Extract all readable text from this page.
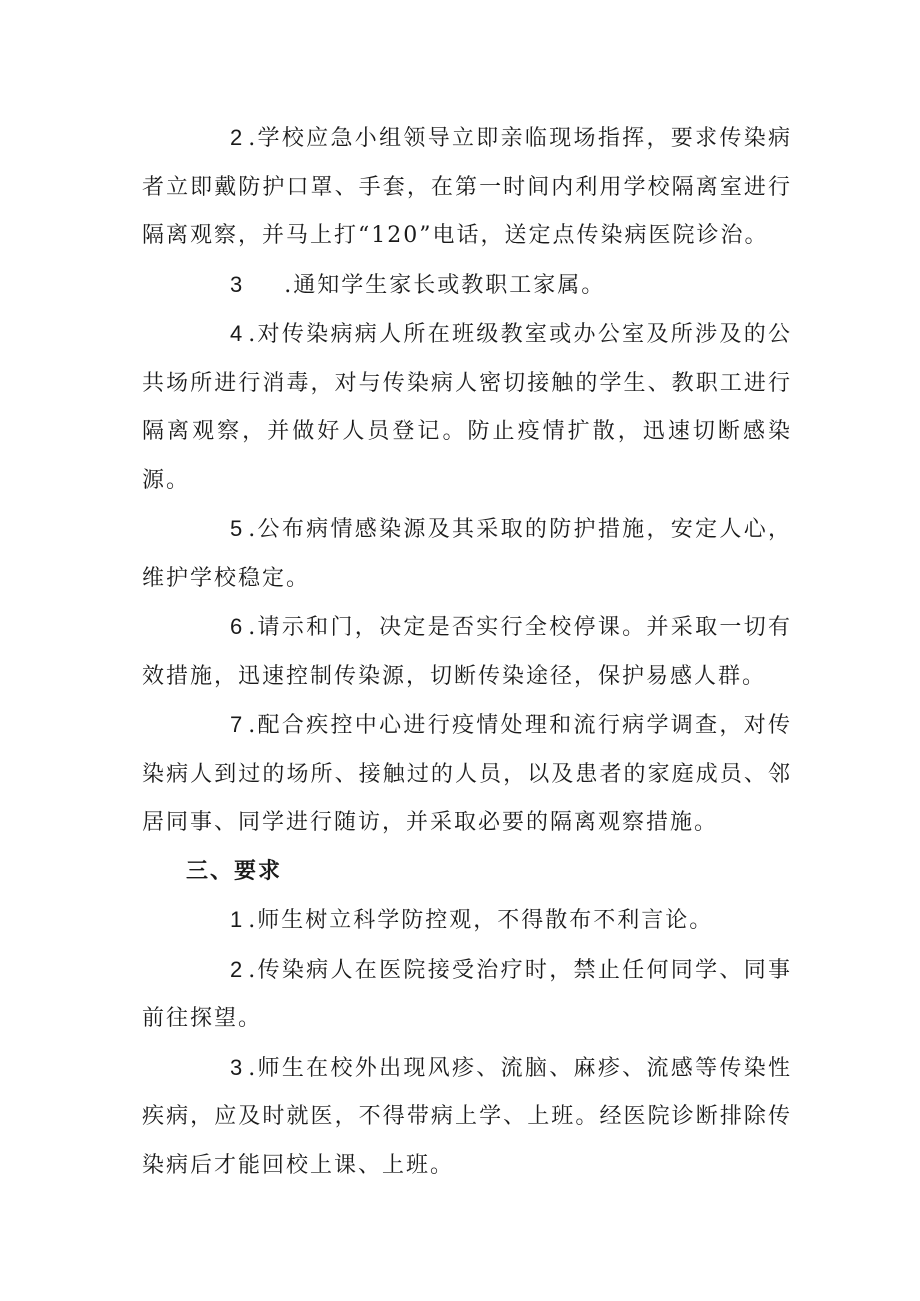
2 .学校应急小组领导立即亲临现场指挥，要求传染病者立即戴防护口罩、手套，在第一时间内利用学校隔离室进行隔离观察，并马上打“120”电话，送定点传染病医院诊治。

3 .通知学生家长或教职工家属。

4 .对传染病病人所在班级教室或办公室及所涉及的公共场所进行消毒，对与传染病人密切接触的学生、教职工进行隔离观察，并做好人员登记。防止疫情扩散，迅速切断感染源。

5 .公布病情感染源及其采取的防护措施，安定人心，维护学校稳定。

6 .请示和门，决定是否实行全校停课。并采取一切有效措施，迅速控制传染源，切断传染途径，保护易感人群。

7 .配合疾控中心进行疫情处理和流行病学调查，对传染病人到过的场所、接触过的人员，以及患者的家庭成员、邻居同事、同学进行随访，并采取必要的隔离观察措施。

三、要求

1 .师生树立科学防控观，不得散布不利言论。

2 .传染病人在医院接受治疗时，禁止任何同学、同事前往探望。

3 .师生在校外出现风疹、流脑、麻疹、流感等传染性疾病，应及时就医，不得带病上学、上班。经医院诊断排除传染病后才能回校上课、上班。
